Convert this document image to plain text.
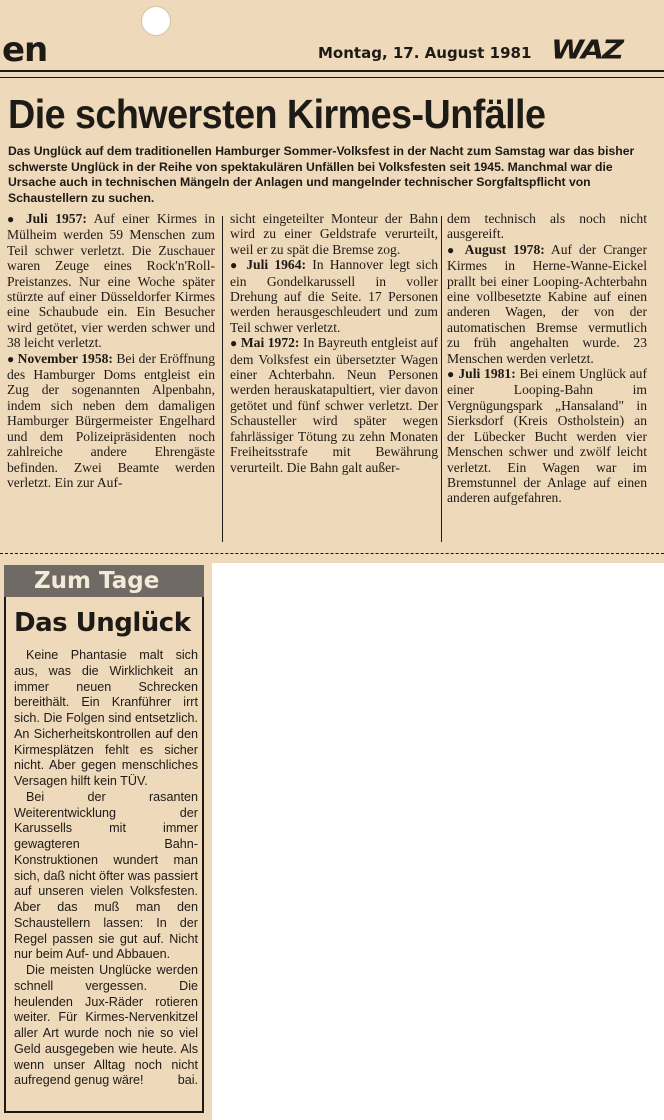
en	Montag, 17. August 1981 WAZ
Die schwersten Kirmes-Unfälle
Das Unglück auf dem traditionellen Hamburger Sommer-Volksfest in der Nacht zum Samstag war das bisher schwerste Unglück in der Reihe von spektakulären Unfällen bei Volksfesten seit 1945. Manchmal war die Ursache auch in technischen Mängeln der Anlagen und mangelnder technischer Sorgfaltspflicht von Schaustellern zu suchen.
● Juli 1957: Auf einer Kirmes in Mülheim werden 59 Menschen zum Teil schwer verletzt. Die Zuschauer waren Zeuge eines Rock'n'Roll-Preistanzes. Nur eine Woche später stürzte auf einer Düsseldorfer Kirmes eine Schaubude ein. Ein Besucher wird getötet, vier werden schwer und 38 leicht verletzt.
● November 1958: Bei der Eröffnung des Hamburger Doms entgleist ein Zug der sogenannten Alpenbahn, indem sich neben dem damaligen Hamburger Bürgermeister Engelhard und dem Polizeipräsidenten noch zahlreiche andere Ehrengäste befinden. Zwei Beamte werden verletzt. Ein zur Auf-
sicht eingeteilter Monteur der Bahn wird zu einer Geldstrafe verurteilt, weil er zu spät die Bremse zog.
● Juli 1964: In Hannover legt sich ein Gondelkarussell in voller Drehung auf die Seite. 17 Personen werden herausgeschleudert und zum Teil schwer verletzt.
● Mai 1972: In Bayreuth entgleist auf dem Volksfest ein übersetzter Wagen einer Achterbahn. Neun Personen werden herauskatapultiert, vier davon getötet und fünf schwer verletzt. Der Schausteller wird später wegen fahrlässiger Tötung zu zehn Monaten Freiheitsstrafe mit Bewährung verurteilt. Die Bahn galt außer-
dem technisch als noch nicht ausgereift.
● August 1978: Auf der Cranger Kirmes in Herne-Wanne-Eickel prallt bei einer Looping-Achterbahn eine vollbesetzte Kabine auf einen anderen Wagen, der von der automatischen Bremse vermutlich zu früh angehalten wurde. 23 Menschen werden verletzt.
● Juli 1981: Bei einem Unglück auf einer Looping-Bahn im Vergnügungspark „Hansaland" in Sierksdorf (Kreis Ostholstein) an der Lübecker Bucht werden vier Menschen schwer und zwölf leicht verletzt. Ein Wagen war im Bremstunnel der Anlage auf einen anderen aufgefahren.
Zum Tage
Das Unglück

Keine Phantasie malt sich aus, was die Wirklichkeit an immer neuen Schrecken bereithält. Ein Kranführer irrt sich. Die Folgen sind entsetzlich. An Sicherheitskontrollen auf den Kirmesplätzen fehlt es sicher nicht. Aber gegen menschliches Versagen hilft kein TÜV.

Bei der rasanten Weiterentwicklung der Karussells mit immer gewagteren Bahn-Konstruktionen wundert man sich, daß nicht öfter was passiert auf unseren vielen Volksfesten. Aber das muß man den Schaustellern lassen: In der Regel passen sie gut auf. Nicht nur beim Auf- und Abbauen.

Die meisten Unglücke werden schnell vergessen. Die heulenden Jux-Räder rotieren weiter. Für Kirmes-Nervenkitzel aller Art wurde noch nie so viel Geld ausgegeben wie heute. Als wenn unser Alltag noch nicht aufregend genug wäre!	bai.
